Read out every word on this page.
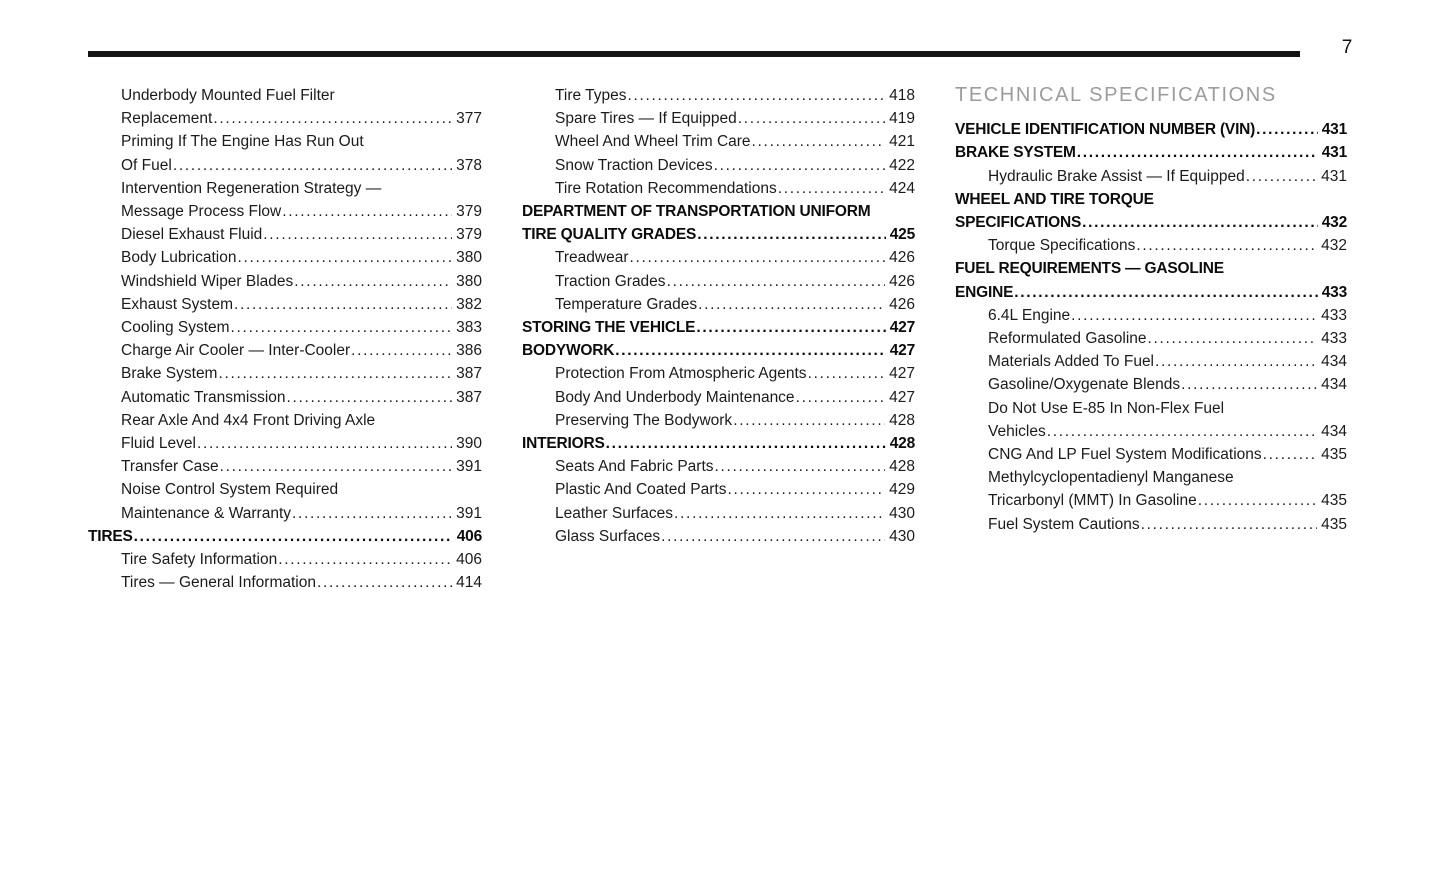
7
Underbody Mounted Fuel Filter
Replacement .....	377
Priming If The Engine Has Run Out
Of Fuel .....	378
Intervention Regeneration Strategy —
Message Process Flow .....	379
Diesel Exhaust Fluid .....	379
Body Lubrication .....	380
Windshield Wiper Blades .....	380
Exhaust System .....	382
Cooling System .....	383
Charge Air Cooler — Inter-Cooler .....	386
Brake System .....	387
Automatic Transmission .....	387
Rear Axle And 4x4 Front Driving Axle
Fluid Level .....	390
Transfer Case .....	391
Noise Control System Required
Maintenance & Warranty .....	391
TIRES .....	406
Tire Safety Information .....	406
Tires — General Information .....	414
Tire Types .....	418
Spare Tires — If Equipped .....	419
Wheel And Wheel Trim Care .....	421
Snow Traction Devices .....	422
Tire Rotation Recommendations .....	424
DEPARTMENT OF TRANSPORTATION UNIFORM
TIRE QUALITY GRADES .....	425
Treadwear .....	426
Traction Grades .....	426
Temperature Grades .....	426
STORING THE VEHICLE .....	427
BODYWORK .....	427
Protection From Atmospheric Agents .....	427
Body And Underbody Maintenance .....	427
Preserving The Bodywork .....	428
INTERIORS .....	428
Seats And Fabric Parts .....	428
Plastic And Coated Parts .....	429
Leather Surfaces .....	430
Glass Surfaces .....	430
TECHNICAL SPECIFICATIONS
VEHICLE IDENTIFICATION NUMBER (VIN) .....	431
BRAKE SYSTEM .....	431
Hydraulic Brake Assist — If Equipped .....	431
WHEEL AND TIRE TORQUE
SPECIFICATIONS .....	432
Torque Specifications .....	432
FUEL REQUIREMENTS — GASOLINE
ENGINE .....	433
6.4L Engine .....	433
Reformulated Gasoline .....	433
Materials Added To Fuel .....	434
Gasoline/Oxygenate Blends .....	434
Do Not Use E-85 In Non-Flex Fuel
Vehicles .....	434
CNG And LP Fuel System Modifications .....	435
Methylcyclopentadienyl Manganese
Tricarbonyl (MMT) In Gasoline .....	435
Fuel System Cautions .....	435
